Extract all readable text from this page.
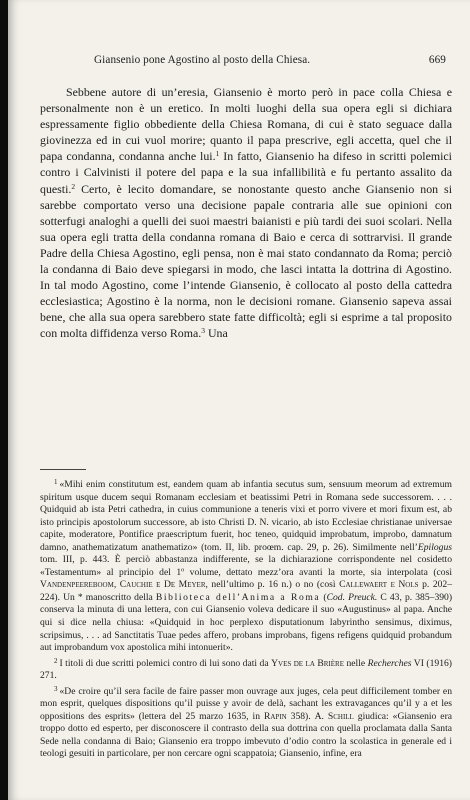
Giansenio pone Agostino al posto della Chiesa.	669

Sebbene autore di un’eresia, Giansenio è morto però in pace colla Chiesa e personalmente non è un eretico. In molti luoghi della sua opera egli si dichiara espressamente figlio obbediente della Chiesa Romana, di cui è stato seguace dalla giovinezza ed in cui vuol morire; quanto il papa prescrive, egli accetta, quel che il papa condanna, condanna anche lui.$^1$ In fatto, Giansenio ha difeso in scritti polemici contro i Calvinisti il potere del papa e la sua infallibilità e fu pertanto assalito da questi.$^2$ Certo, è lecito domandare, se nonostante questo anche Giansenio non si sarebbe comportato verso una decisione papale contraria alle sue opinioni con sotterfugi analoghi a quelli dei suoi maestri baianisti e più tardi dei suoi scolari. Nella sua opera egli tratta della condanna romana di Baio e cerca di sottrarvisi. Il grande Padre della Chiesa Agostino, egli pensa, non è mai stato condannato da Roma; perciò la condanna di Baio deve spiegarsi in modo, che lasci intatta la dottrina di Agostino. In tal modo Agostino, come l’intende Giansenio, è collocato al posto della cattedra ecclesiastica; Agostino è la norma, non le decisioni romane. Giansenio sapeva assai bene, che alla sua opera sarebbero state fatte difficoltà; egli si esprime a tal proposito con molta diffidenza verso Roma.$^3$ Una

$^1$ «Mihi enim constitutum est, eandem quam ab infantia secutus sum, sensuum meorum ad extremum spiritum usque ducem sequi Romanam ecclesiam et beatissimi Petri in Romana sede successorem. . . . Quidquid ab ista Petri cathedra, in cuius communione a teneris vixi et porro vivere et mori fixum est, ab isto principis apostolorum successore, ab isto Christi D. N. vicario, ab isto Ecclesiae christianae universae capite, moderatore, Pontifice praescriptum fuerit, hoc teneo, quidquid improbatum, improbo, damnatum damno, anathematizatum anathematizo» (tom. II, lib. proœm. cap. 29, p. 26). Similmente nell’Epilogus tom. III, p. 443. È perciò abbastanza indifferente, se la dichiarazione corrispondente nel cosidetto «Testamentum» al principio del 1º volume, dettato mezz’ora avanti la morte, sia interpolata (così Vandenpeereboom, Cauchie e De Meyer, nell’ultimo p. 16 n.) o no (così Callewaert e Nols p. 202–224). Un * manoscritto della Biblioteca dell’Anima a Roma (Cod. Preuck. C 43, p. 385–390) conserva la minuta di una lettera, con cui Giansenio voleva dedicare il suo «Augustinus» al papa. Anche qui si dice nella chiusa: «Quidquid in hoc perplexo disputationum labyrintho sensimus, diximus, scripsimus, . . . ad Sanctitatis Tuae pedes affero, probans improbans, figens refigens quidquid probandum aut improbandum vox apostolica mihi intonuerit».

$^2$ I titoli di due scritti polemici contro di lui sono dati da Yves de la Brière nelle Recherches VI (1916) 271.

$^3$ «De croire qu’il sera facile de faire passer mon ouvrage aux juges, cela peut difficilement tomber en mon esprit, quelques dispositions qu’il puisse y avoir de delà, sachant les extravagances qu’il y a et les oppositions des esprits» (lettera del 25 marzo 1635, in Rapin 358). A. Schill giudica: «Giansenio era troppo dotto ed esperto, per disconoscere il contrasto della sua dottrina con quella proclamata dalla Santa Sede nella condanna di Baio; Giansenio era troppo imbevuto d’odio contro la scolastica in generale ed i teologi gesuiti in particolare, per non cercare ogni scappatoia; Giansenio, infine, era
